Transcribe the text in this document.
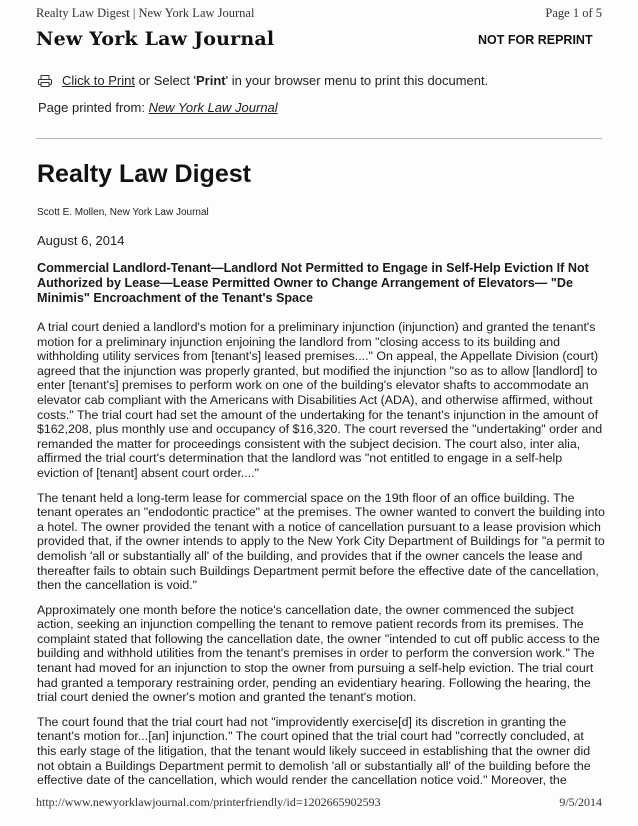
Realty Law Digest | New York Law Journal	Page 1 of 5
New York Law Journal	NOT FOR REPRINT
Click to Print or Select 'Print' in your browser menu to print this document.
Page printed from: New York Law Journal
Realty Law Digest
Scott E. Mollen, New York Law Journal
August 6, 2014
Commercial Landlord-Tenant—Landlord Not Permitted to Engage in Self-Help Eviction If Not Authorized by Lease—Lease Permitted Owner to Change Arrangement of Elevators— "De Minimis" Encroachment of the Tenant's Space

A trial court denied a landlord's motion for a preliminary injunction (injunction) and granted the tenant's motion for a preliminary injunction enjoining the landlord from "closing access to its building and withholding utility services from [tenant's] leased premises...." On appeal, the Appellate Division (court) agreed that the injunction was properly granted, but modified the injunction "so as to allow [landlord] to enter [tenant's] premises to perform work on one of the building's elevator shafts to accommodate an elevator cab compliant with the Americans with Disabilities Act (ADA), and otherwise affirmed, without costs." The trial court had set the amount of the undertaking for the tenant's injunction in the amount of $162,208, plus monthly use and occupancy of $16,320. The court reversed the "undertaking" order and remanded the matter for proceedings consistent with the subject decision. The court also, inter alia, affirmed the trial court's determination that the landlord was "not entitled to engage in a self-help eviction of [tenant] absent court order...."

The tenant held a long-term lease for commercial space on the 19th floor of an office building. The tenant operates an "endodontic practice" at the premises. The owner wanted to convert the building into a hotel. The owner provided the tenant with a notice of cancellation pursuant to a lease provision which provided that, if the owner intends to apply to the New York City Department of Buildings for "a permit to demolish 'all or substantially all' of the building, and provides that if the owner cancels the lease and thereafter fails to obtain such Buildings Department permit before the effective date of the cancellation, then the cancellation is void."

Approximately one month before the notice's cancellation date, the owner commenced the subject action, seeking an injunction compelling the tenant to remove patient records from its premises. The complaint stated that following the cancellation date, the owner "intended to cut off public access to the building and withhold utilities from the tenant's premises in order to perform the conversion work." The tenant had moved for an injunction to stop the owner from pursuing a self-help eviction. The trial court had granted a temporary restraining order, pending an evidentiary hearing. Following the hearing, the trial court denied the owner's motion and granted the tenant's motion.

The court found that the trial court had not "improvidently exercise[d] its discretion in granting the tenant's motion for...[an] injunction." The court opined that the trial court had "correctly concluded, at this early stage of the litigation, that the tenant would likely succeed in establishing that the owner did not obtain a Buildings Department permit to demolish 'all or substantially all' of the building before the effective date of the cancellation, which would render the cancellation notice void." Moreover, the

http://www.newyorklawjournal.com/printerfriendly/id=1202665902593	9/5/2014
